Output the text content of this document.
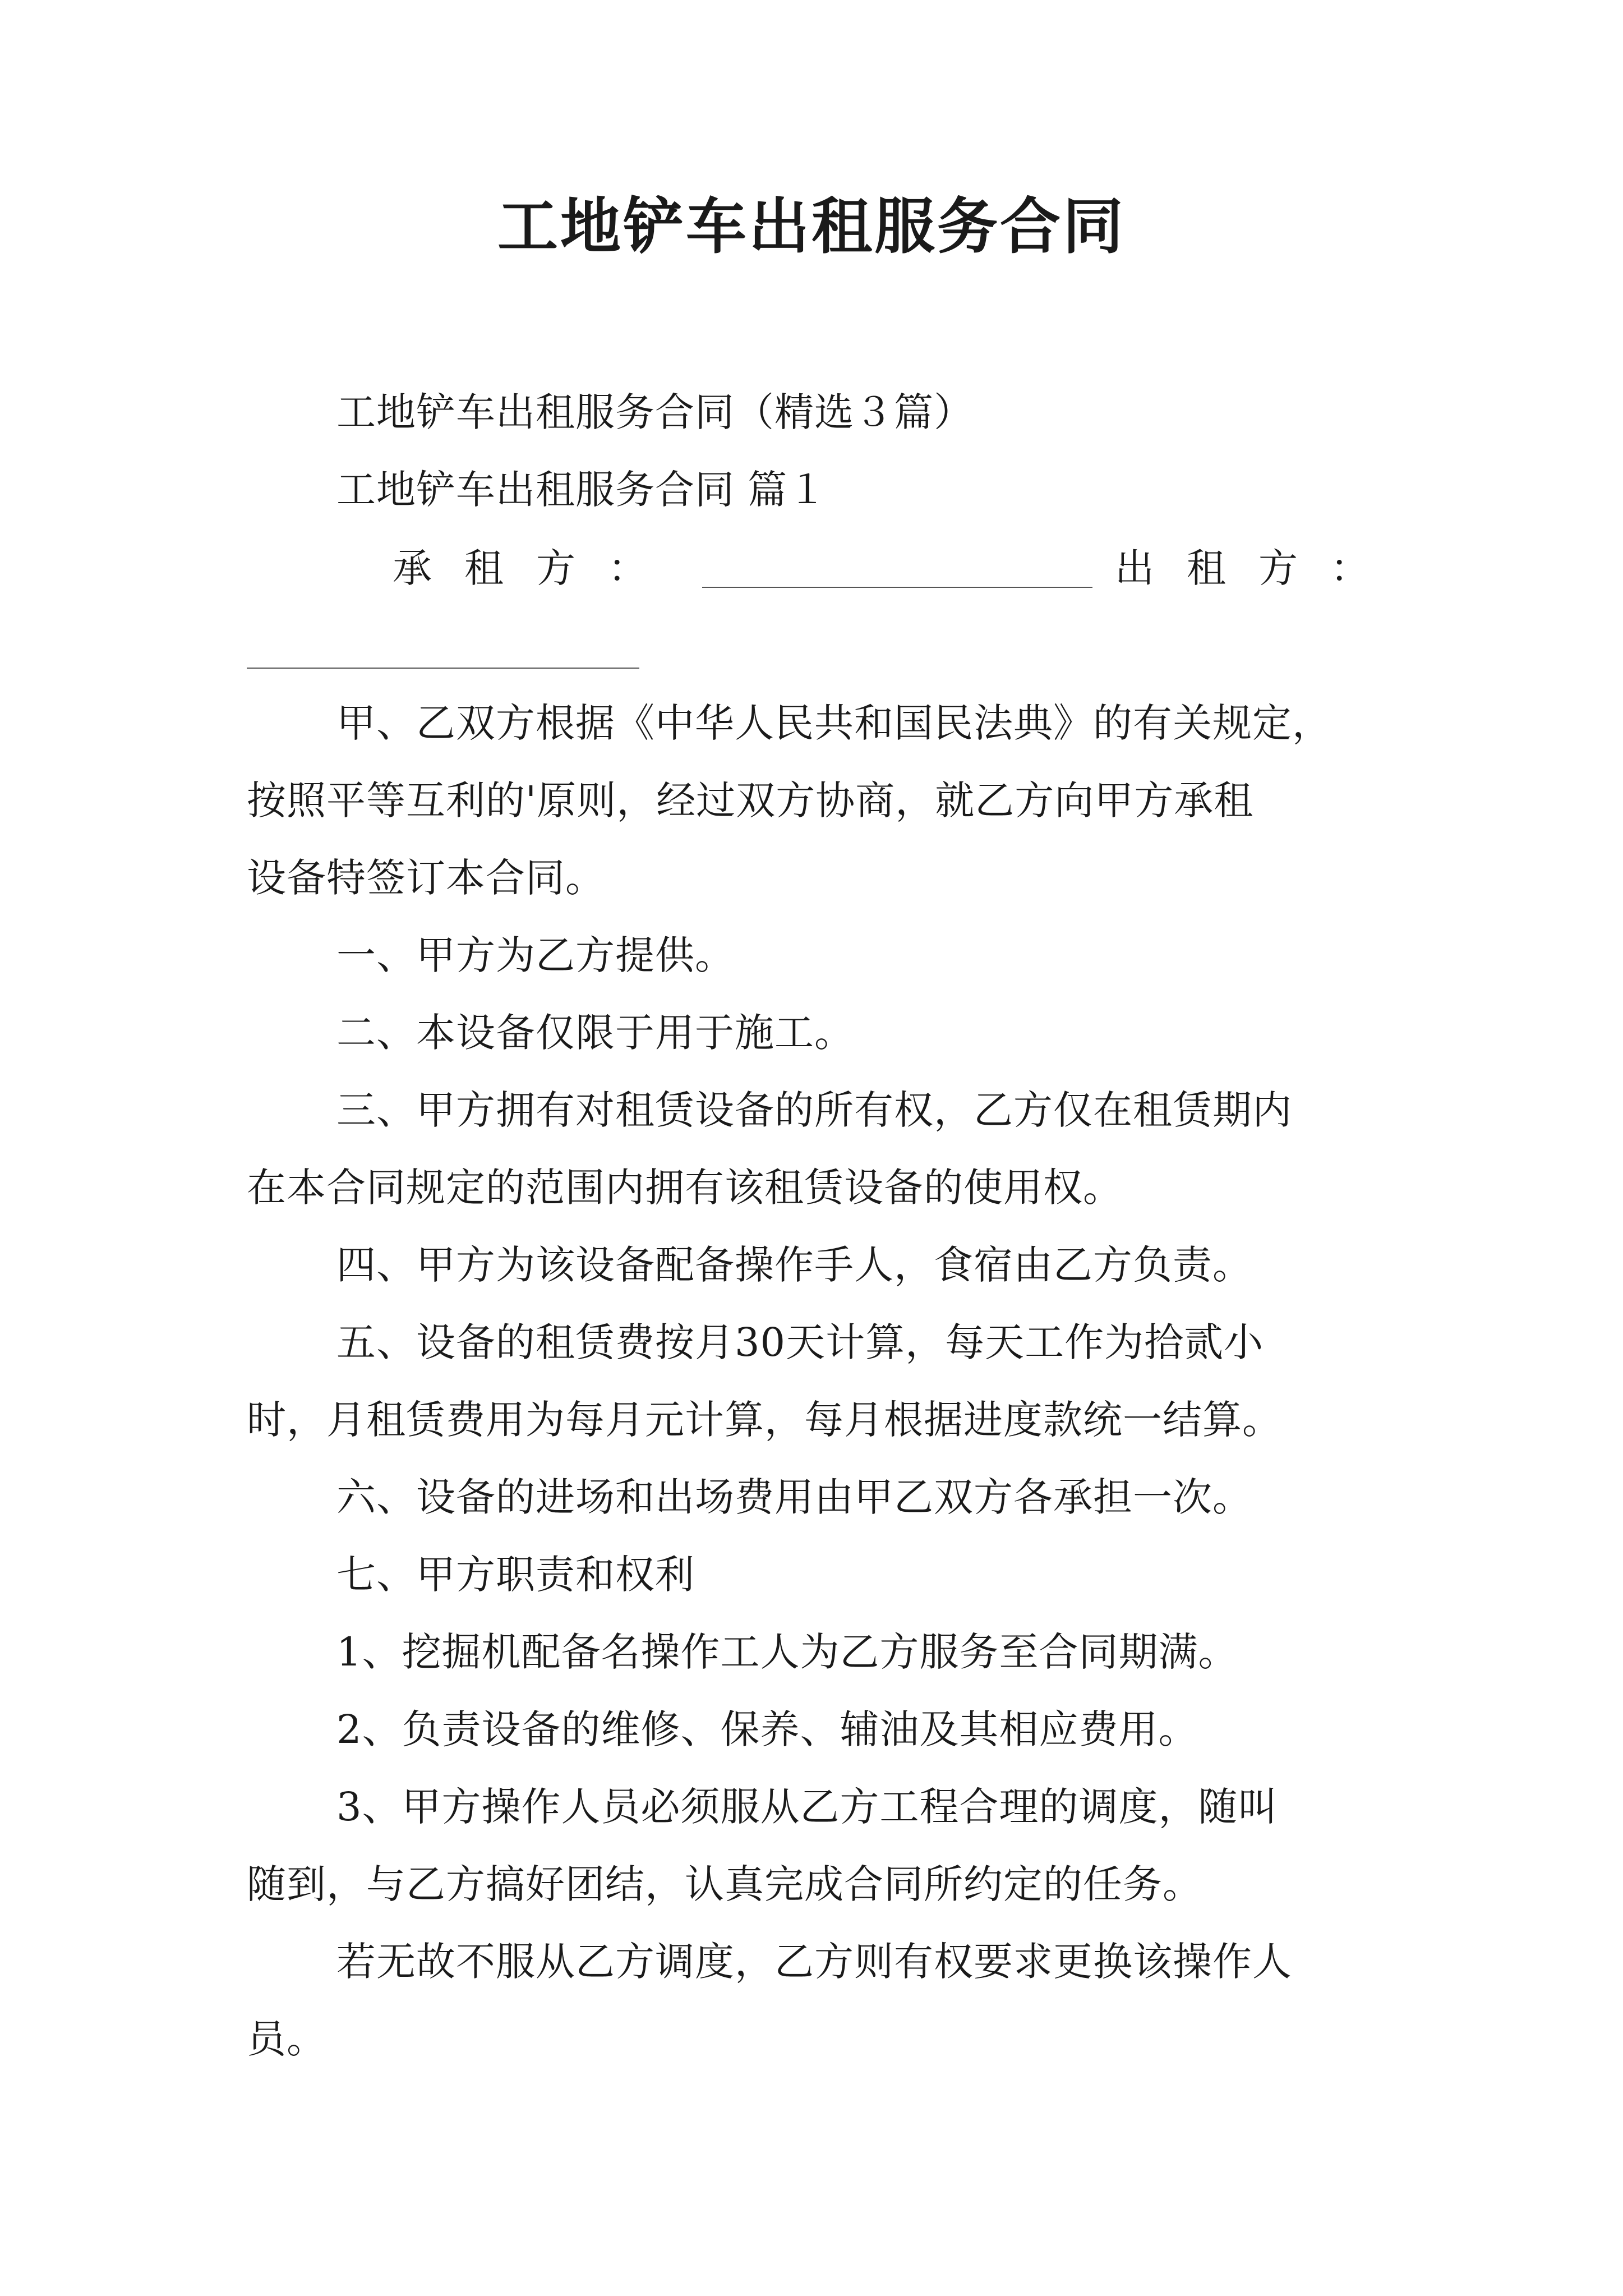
工地铲车出租服务合同
工地铲车出租服务合同（精选３篇）
工地铲车出租服务合同 篇１
承租方：	出租方：
甲、乙双方根据《中华人民共和国民法典》的有关规定，
按照平等互利的'原则，经过双方协商，就乙方向甲方承租
设备特签订本合同。
一、甲方为乙方提供。
二、本设备仅限于用于施工。
三、甲方拥有对租赁设备的所有权，乙方仅在租赁期内
在本合同规定的范围内拥有该租赁设备的使用权。
四、甲方为该设备配备操作手人，食宿由乙方负责。
五、设备的租赁费按月30天计算，每天工作为拾贰小
时，月租赁费用为每月元计算，每月根据进度款统一结算。
六、设备的进场和出场费用由甲乙双方各承担一次。
七、甲方职责和权利
1、挖掘机配备名操作工人为乙方服务至合同期满。
2、负责设备的维修、保养、辅油及其相应费用。
3、甲方操作人员必须服从乙方工程合理的调度，随叫
随到，与乙方搞好团结，认真完成合同所约定的任务。
若无故不服从乙方调度，乙方则有权要求更换该操作人
员。
